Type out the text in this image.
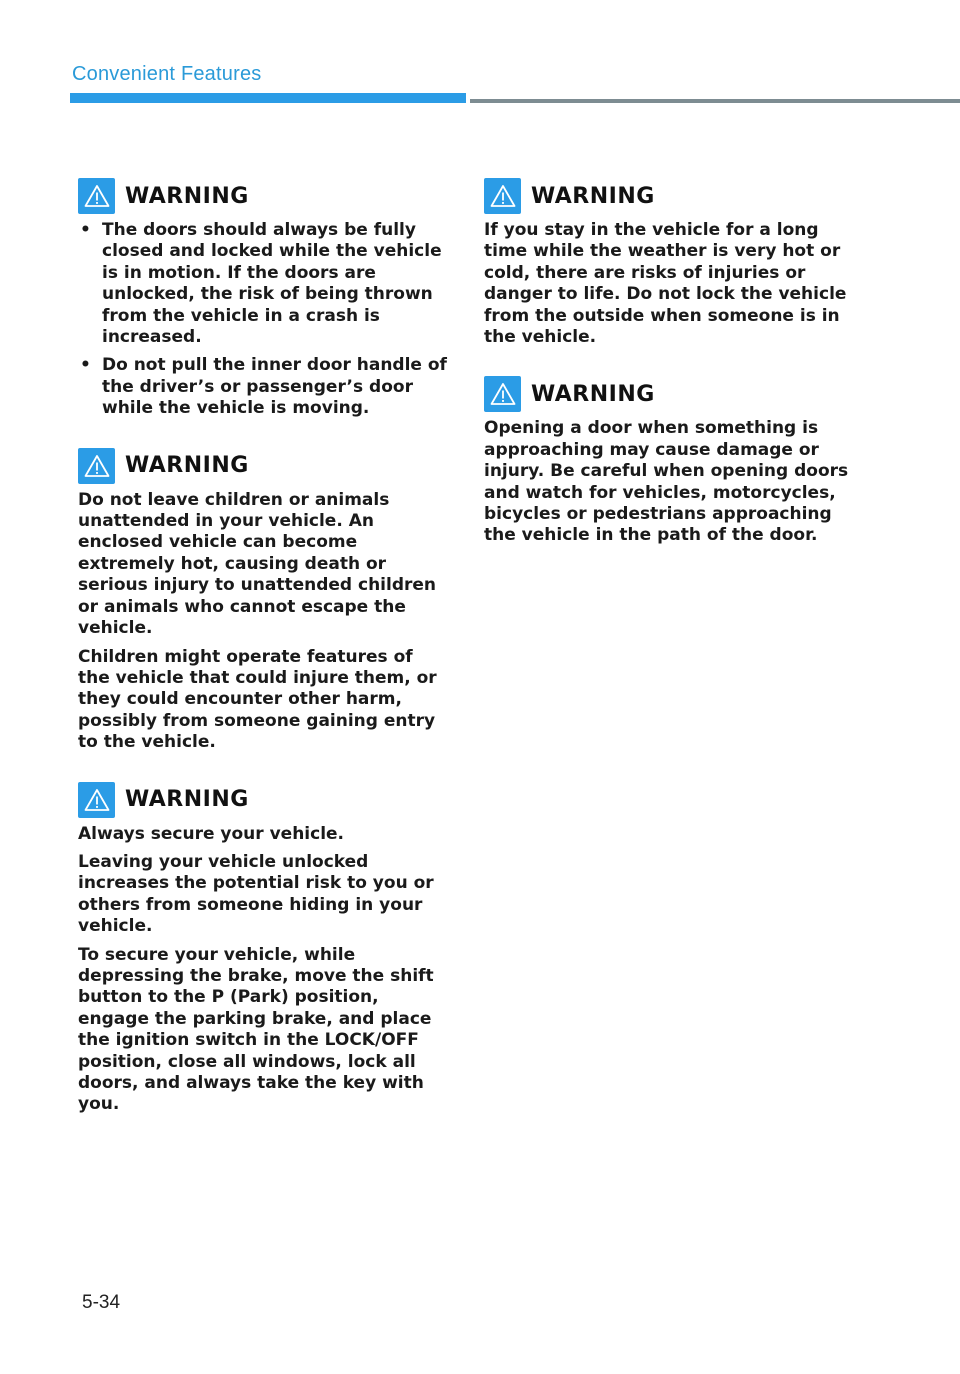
Convenient Features
WARNING
• The doors should always be fully closed and locked while the vehicle is in motion. If the doors are unlocked, the risk of being thrown from the vehicle in a crash is increased.
• Do not pull the inner door handle of the driver’s or passenger’s door while the vehicle is moving.
WARNING

Do not leave children or animals unattended in your vehicle. An enclosed vehicle can become extremely hot, causing death or serious injury to unattended children or animals who cannot escape the vehicle.

Children might operate features of the vehicle that could injure them, or they could encounter other harm, possibly from someone gaining entry to the vehicle.

WARNING

Always secure your vehicle.

Leaving your vehicle unlocked increases the potential risk to you or others from someone hiding in your vehicle.

To secure your vehicle, while depressing the brake, move the shift button to the P (Park) position, engage the parking brake, and place the ignition switch in the LOCK/OFF position, close all windows, lock all doors, and always take the key with you.

WARNING

If you stay in the vehicle for a long time while the weather is very hot or cold, there are risks of injuries or danger to life. Do not lock the vehicle from the outside when someone is in the vehicle.

WARNING

Opening a door when something is approaching may cause damage or injury. Be careful when opening doors and watch for vehicles, motorcycles, bicycles or pedestrians approaching the vehicle in the path of the door.

5-34
